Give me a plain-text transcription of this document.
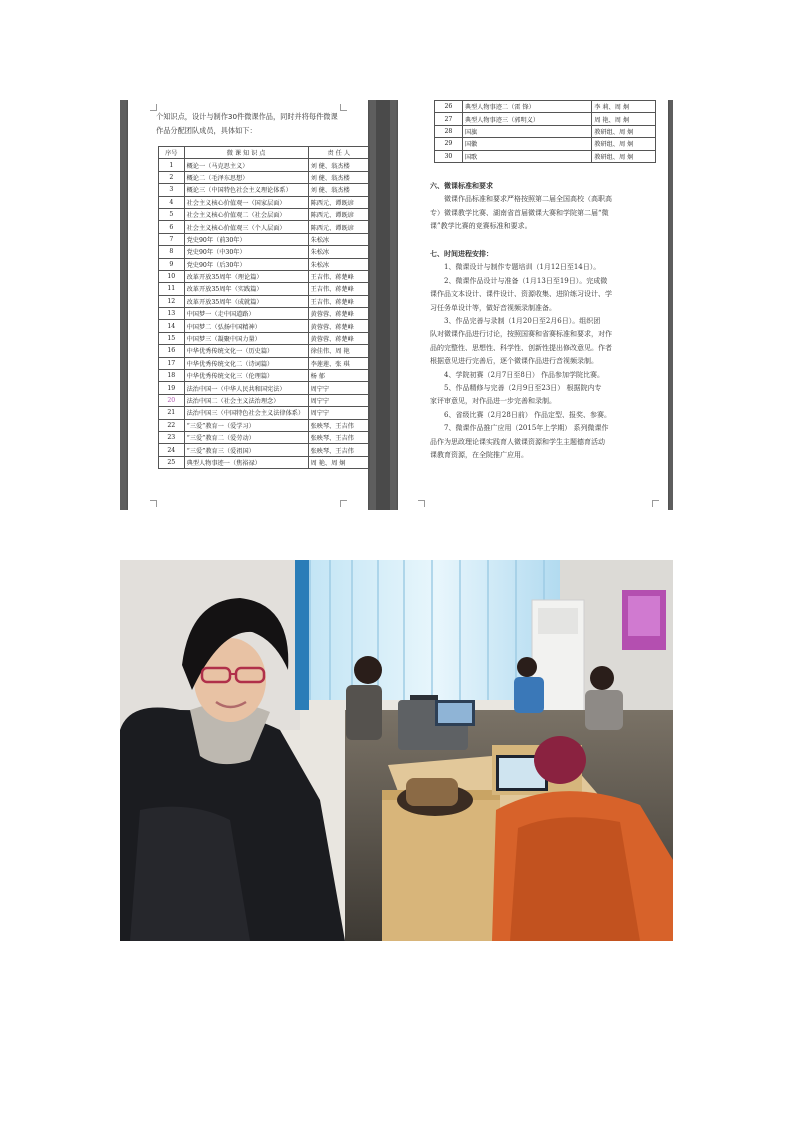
个知识点，设计与制作30件微课作品，同时并将每件微课
作品分配团队成员，具体如下：
序号	微 课 知 识 点	责 任 人
1	概论一（马克思主义）	刘 健、翁杰楼
2	概论二（毛泽东思想）	刘 健、翁杰楼
3	概论三（中国特色社会主义理论体系）	刘 健、翁杰楼
4	社会主义核心价值观一（国家层面）	陈西元、谭既谚
5	社会主义核心价值观二（社会层面）	陈西元、谭既谚
6	社会主义核心价值观三（个人层面）	陈西元、谭既谚
7	党史90年（前30年）	朱松冰
8	党史90年（中30年）	朱松冰
9	党史90年（后30年）	朱松冰
10	改革开放35周年（理论篇）	王吉伟、蒋楚峰
11	改革开放35周年（实践篇）	王吉伟、蒋楚峰
12	改革开放35周年（成就篇）	王吉伟、蒋楚峰
13	中国梦一（走中国道路）	黄蓉蓉、蒋楚峰
14	中国梦二（弘扬中国精神）	黄蓉蓉、蒋楚峰
15	中国梦三（凝聚中国力量）	黄蓉蓉、蒋楚峰
16	中华优秀传统文化一（历史篇）	徐佳伟、周 艳
17	中华优秀传统文化二（诗词篇）	李莲莲、张 琪
18	中华优秀传统文化三（伦理篇）	杨 郁
19	法治中国一（中华人民共和国宪法）	周宁宁
20	法治中国二（社会主义法治理念）	周宁宁
21	法治中国三（中国特色社会主义法律体系）	周宁宁
22	“三爱”教育一（爱学习）	张映琴、王吉伟
23	“三爱”教育二（爱劳动）	张映琴、王吉伟
24	“三爱”教育三（爱祖国）	张映琴、王吉伟
25	典型人物事迹一（焦裕禄）	周 艳、周 炯
26	典型人物事迹二（雷 锋）	李 莉、周 炯
27	典型人物事迹三（郭明义）	周 艳、周 炯
28	国旗	教研组、周 炯
29	国徽	教研组、周 炯
30	国歌	教研组、周 炯

六、微课标准和要求

微课作品标准和要求严格按照第二届全国高校（高职高

专）微课教学比赛、湖南省首届微课大赛和学院第二届“微

课”教学比赛的竞赛标准和要求。

七、时间进程安排：

1、微课设计与制作专题培训（1月12日至14日）。

2、微课作品设计与准备（1月13日至19日）。完成微

课作品文本设计、课件设计、资源收集、进阶练习设计、学

习任务单设计等，做好音视频录制准备。

3、作品完善与录制（1月20日至2月6日）。组织团

队对微课作品进行讨论，按照国赛和省赛标准和要求，对作

品的完整性、思想性、科学性、创新性提出修改意见。作者

根据意见进行完善后，逐个微课作品进行音视频录制。

4、学院初赛（2月7日至8日） 作品参加学院比赛。

5、作品精修与完善（2月9日至23日） 根据院内专

家评审意见，对作品进一步完善和录制。

6、省级比赛（2月28日前） 作品定型、报奖、参赛。

7、微课作品推广应用（2015年上学期） 系列微课作

品作为思政理论课实践育人微课资源和学生主题德育活动

课教育资源，在全院推广应用。
